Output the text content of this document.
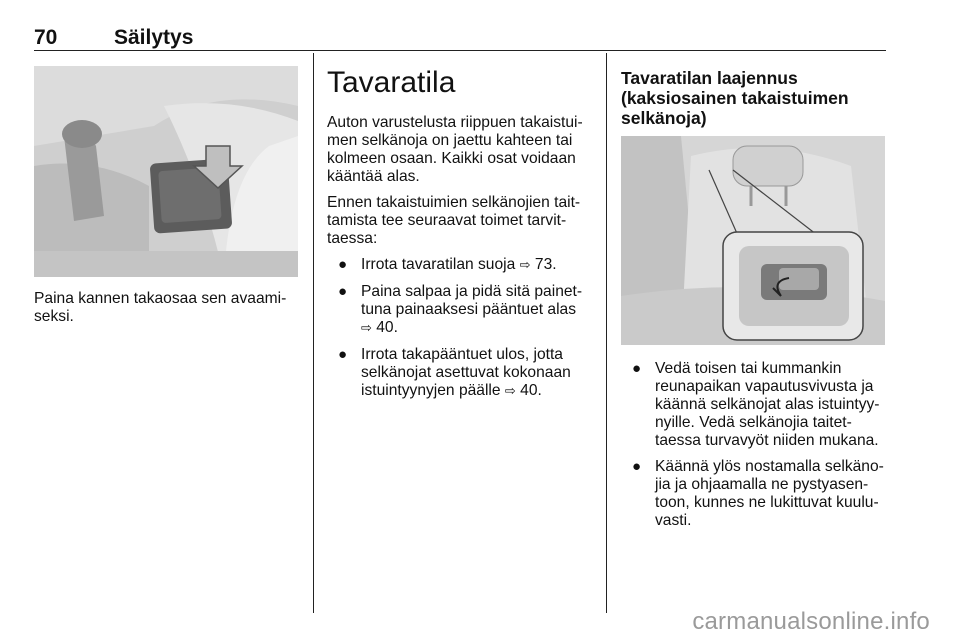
70	Säilytys
Paina kannen takaosaa sen avaami-
seksi.
Tavaratila

Auton varustelusta riippuen takaistui-
men selkänoja on jaettu kahteen tai
kolmeen osaan. Kaikki osat voidaan
kääntää alas.

Ennen takaistuimien selkänojien tait-
tamista tee seuraavat toimet tarvit-
taessa:

● Irrota tavaratilan suoja ⇨ 73.
● Paina salpaa ja pidä sitä painet-
tuna painaaksesi pääntuet alas
⇨ 40.
● Irrota takapääntuet ulos, jotta
selkänojat asettuvat kokonaan
istuintyynyjen päälle ⇨ 40.
Tavaratilan laajennus
(kaksiosainen takaistuimen
selkänoja)
● Vedä toisen tai kummankin
reunapaikan vapautusvivusta ja
käännä selkänojat alas istuintyy-
nyille. Vedä selkänojia taitet-
taessa turvavyöt niiden mukana.
● Käännä ylös nostamalla selkäno-
jia ja ohjaamalla ne pystyasen-
toon, kunnes ne lukittuvat kuulu-
vasti.
carmanualsonline.info
